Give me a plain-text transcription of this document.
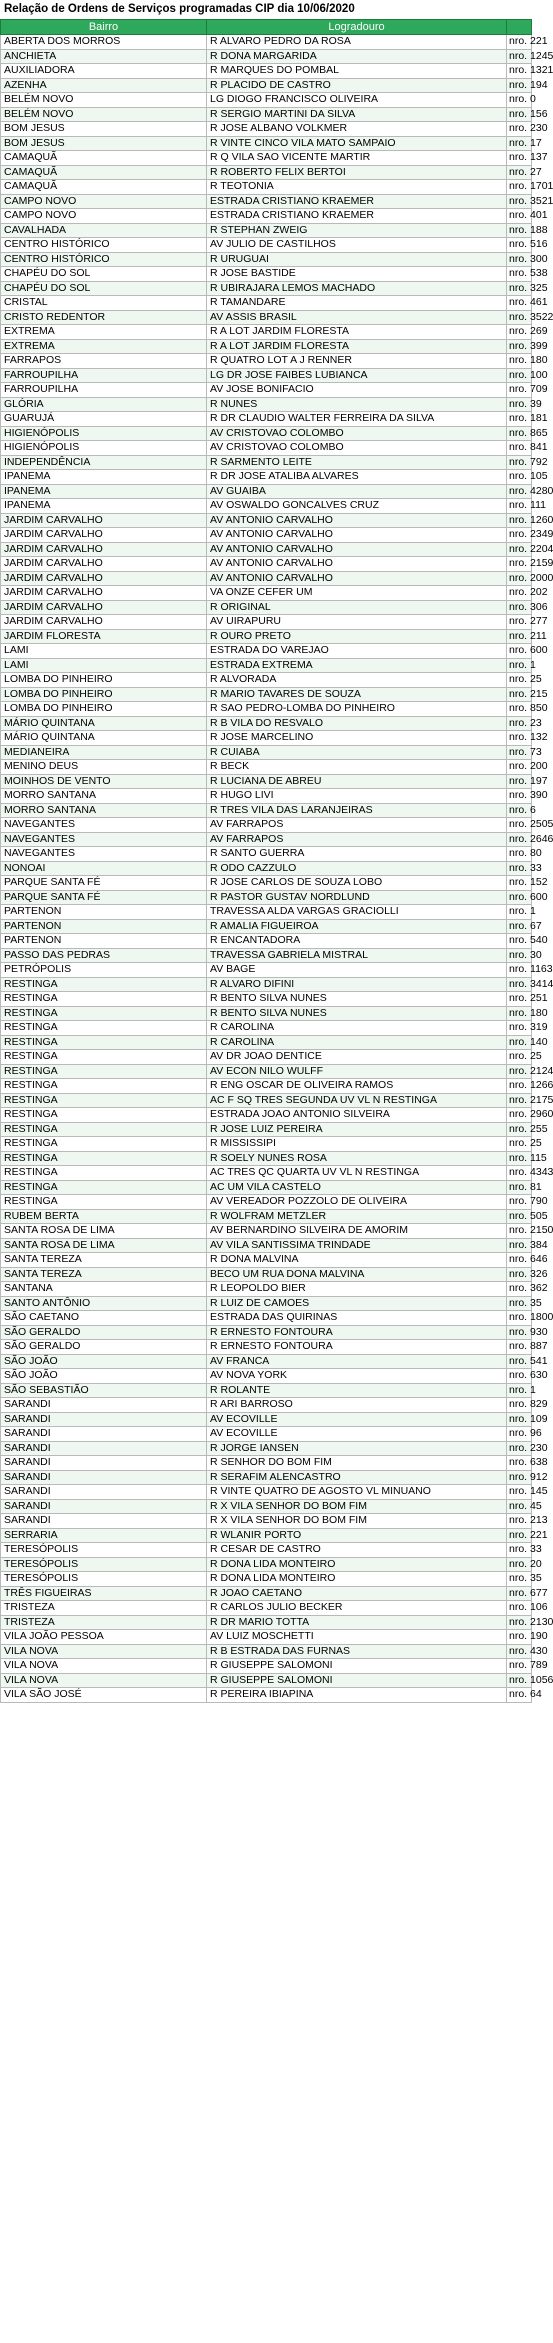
Relação de Ordens de Serviços programadas CIP dia 10/06/2020
Bairro	Logradouro	
ABERTA DOS MORROS	R ALVARO PEDRO DA ROSA	nro. 221
ANCHIETA	R DONA MARGARIDA	nro. 1245
AUXILIADORA	R MARQUES DO POMBAL	nro. 1321
AZENHA	R PLACIDO DE CASTRO	nro. 194
BELÉM NOVO	LG DIOGO FRANCISCO OLIVEIRA	nro. 0
BELÉM NOVO	R SERGIO MARTINI DA SILVA	nro. 156
BOM JESUS	R JOSE ALBANO VOLKMER	nro. 230
BOM JESUS	R VINTE CINCO VILA MATO SAMPAIO	nro. 17
CAMAQUÃ	R Q VILA SAO VICENTE MARTIR	nro. 137
CAMAQUÃ	R ROBERTO FELIX BERTOI	nro. 27
CAMAQUÃ	R TEOTONIA	nro. 1701
CAMPO NOVO	ESTRADA CRISTIANO KRAEMER	nro. 3521
CAMPO NOVO	ESTRADA CRISTIANO KRAEMER	nro. 401
CAVALHADA	R STEPHAN ZWEIG	nro. 188
CENTRO HISTÓRICO	AV JULIO DE CASTILHOS	nro. 516
CENTRO HISTÓRICO	R URUGUAI	nro. 300
CHAPÉU DO SOL	R JOSE BASTIDE	nro. 538
CHAPÉU DO SOL	R UBIRAJARA LEMOS MACHADO	nro. 325
CRISTAL	R TAMANDARE	nro. 461
CRISTO REDENTOR	AV ASSIS BRASIL	nro. 3522
EXTREMA	R A LOT JARDIM FLORESTA	nro. 269
EXTREMA	R A LOT JARDIM FLORESTA	nro. 399
FARRAPOS	R QUATRO LOT A J RENNER	nro. 180
FARROUPILHA	LG DR JOSE FAIBES LUBIANCA	nro. 100
FARROUPILHA	AV JOSE BONIFACIO	nro. 709
GLÓRIA	R NUNES	nro. 39
GUARUJÁ	R DR CLAUDIO WALTER FERREIRA DA SILVA	nro. 181
HIGIENÓPOLIS	AV CRISTOVAO COLOMBO	nro. 865
HIGIENÓPOLIS	AV CRISTOVAO COLOMBO	nro. 841
INDEPENDÊNCIA	R SARMENTO LEITE	nro. 792
IPANEMA	R DR JOSE ATALIBA ALVARES	nro. 105
IPANEMA	AV GUAIBA	nro. 4280
IPANEMA	AV OSWALDO GONCALVES CRUZ	nro. 111
JARDIM CARVALHO	AV ANTONIO CARVALHO	nro. 1260
JARDIM CARVALHO	AV ANTONIO CARVALHO	nro. 2349
JARDIM CARVALHO	AV ANTONIO CARVALHO	nro. 2204
JARDIM CARVALHO	AV ANTONIO CARVALHO	nro. 2159
JARDIM CARVALHO	AV ANTONIO CARVALHO	nro. 2000
JARDIM CARVALHO	VA ONZE CEFER UM	nro. 202
JARDIM CARVALHO	R ORIGINAL	nro. 306
JARDIM CARVALHO	AV UIRAPURU	nro. 277
JARDIM FLORESTA	R OURO PRETO	nro. 211
LAMI	ESTRADA DO VAREJAO	nro. 600
LAMI	ESTRADA EXTREMA	nro. 1
LOMBA DO PINHEIRO	R ALVORADA	nro. 25
LOMBA DO PINHEIRO	R MARIO TAVARES DE SOUZA	nro. 215
LOMBA DO PINHEIRO	R SAO PEDRO-LOMBA DO PINHEIRO	nro. 850
MÁRIO QUINTANA	R B VILA DO RESVALO	nro. 23
MÁRIO QUINTANA	R JOSE MARCELINO	nro. 132
MEDIANEIRA	R CUIABA	nro. 73
MENINO DEUS	R BECK	nro. 200
MOINHOS DE VENTO	R LUCIANA DE ABREU	nro. 197
MORRO SANTANA	R HUGO LIVI	nro. 390
MORRO SANTANA	R TRES VILA DAS LARANJEIRAS	nro. 6
NAVEGANTES	AV FARRAPOS	nro. 2505
NAVEGANTES	AV FARRAPOS	nro. 2646
NAVEGANTES	R SANTO GUERRA	nro. 80
NONOAI	R ODO CAZZULO	nro. 33
PARQUE SANTA FÉ	R JOSE CARLOS DE SOUZA LOBO	nro. 152
PARQUE SANTA FÉ	R PASTOR GUSTAV NORDLUND	nro. 600
PARTENON	TRAVESSA ALDA VARGAS GRACIOLLI	nro. 1
PARTENON	R AMALIA FIGUEIROA	nro. 67
PARTENON	R ENCANTADORA	nro. 540
PASSO DAS PEDRAS	TRAVESSA GABRIELA MISTRAL	nro. 30
PETRÓPOLIS	AV BAGE	nro. 1163
RESTINGA	R ALVARO DIFINI	nro. 3414
RESTINGA	R BENTO SILVA NUNES	nro. 251
RESTINGA	R BENTO SILVA NUNES	nro. 180
RESTINGA	R CAROLINA	nro. 319
RESTINGA	R CAROLINA	nro. 140
RESTINGA	AV DR JOAO DENTICE	nro. 25
RESTINGA	AV ECON NILO WULFF	nro. 2124
RESTINGA	R ENG OSCAR DE OLIVEIRA RAMOS	nro. 1266
RESTINGA	AC F SQ TRES SEGUNDA UV VL N RESTINGA	nro. 2175
RESTINGA	ESTRADA JOAO ANTONIO SILVEIRA	nro. 2960
RESTINGA	R JOSE LUIZ PEREIRA	nro. 255
RESTINGA	R MISSISSIPI	nro. 25
RESTINGA	R SOELY NUNES ROSA	nro. 115
RESTINGA	AC TRES QC QUARTA UV VL N RESTINGA	nro. 4343
RESTINGA	AC UM VILA CASTELO	nro. 81
RESTINGA	AV VEREADOR POZZOLO DE OLIVEIRA	nro. 790
RUBEM BERTA	R WOLFRAM METZLER	nro. 505
SANTA ROSA DE LIMA	AV BERNARDINO SILVEIRA DE AMORIM	nro. 2150
SANTA ROSA DE LIMA	AV VILA SANTISSIMA TRINDADE	nro. 384
SANTA TEREZA	R DONA MALVINA	nro. 646
SANTA TEREZA	BECO UM RUA DONA MALVINA	nro. 326
SANTANA	R LEOPOLDO BIER	nro. 362
SANTO ANTÔNIO	R LUIZ DE CAMOES	nro. 35
SÃO CAETANO	ESTRADA DAS QUIRINAS	nro. 1800
SÃO GERALDO	R ERNESTO FONTOURA	nro. 930
SÃO GERALDO	R ERNESTO FONTOURA	nro. 887
SÃO JOÃO	AV FRANCA	nro. 541
SÃO JOÃO	AV NOVA YORK	nro. 630
SÃO SEBASTIÃO	R ROLANTE	nro. 1
SARANDI	R ARI BARROSO	nro. 829
SARANDI	AV ECOVILLE	nro. 109
SARANDI	AV ECOVILLE	nro. 96
SARANDI	R JORGE IANSEN	nro. 230
SARANDI	R SENHOR DO BOM FIM	nro. 638
SARANDI	R SERAFIM ALENCASTRO	nro. 912
SARANDI	R VINTE QUATRO DE AGOSTO VL MINUANO	nro. 145
SARANDI	R X VILA SENHOR DO BOM FIM	nro. 45
SARANDI	R X VILA SENHOR DO BOM FIM	nro. 213
SERRARIA	R WLANIR PORTO	nro. 221
TERESÓPOLIS	R CESAR DE CASTRO	nro. 33
TERESÓPOLIS	R DONA LIDA MONTEIRO	nro. 20
TERESÓPOLIS	R DONA LIDA MONTEIRO	nro. 35
TRÊS FIGUEIRAS	R JOAO CAETANO	nro. 677
TRISTEZA	R CARLOS JULIO BECKER	nro. 106
TRISTEZA	R DR MARIO TOTTA	nro. 2130
VILA JOÃO PESSOA	AV LUIZ MOSCHETTI	nro. 190
VILA NOVA	R B ESTRADA DAS FURNAS	nro. 430
VILA NOVA	R GIUSEPPE SALOMONI	nro. 789
VILA NOVA	R GIUSEPPE SALOMONI	nro. 1056
VILA SÃO JOSÉ	R PEREIRA IBIAPINA	nro. 64
